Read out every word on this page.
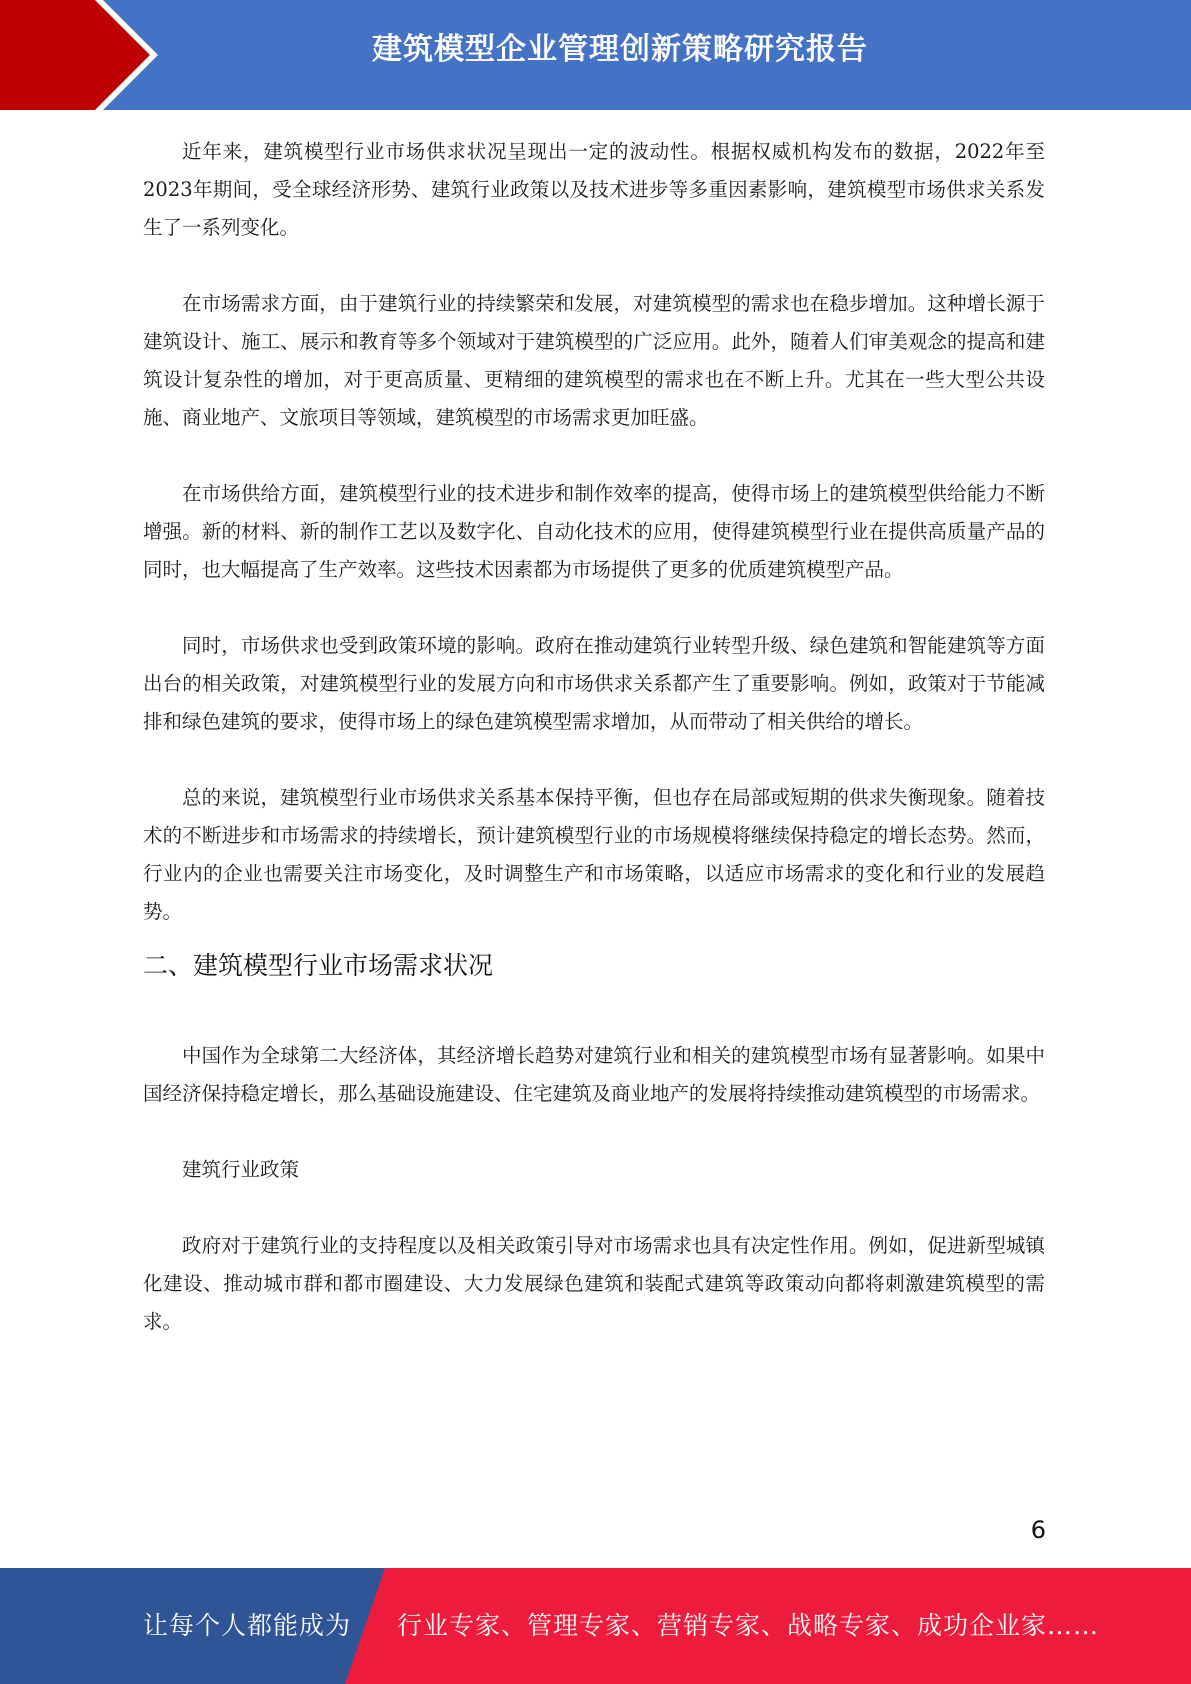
建筑模型企业管理创新策略研究报告

近年来，建筑模型行业市场供求状况呈现出一定的波动性。根据权威机构发布的数据，2022年至2023年期间，受全球经济形势、建筑行业政策以及技术进步等多重因素影响，建筑模型市场供求关系发生了一系列变化。

在市场需求方面，由于建筑行业的持续繁荣和发展，对建筑模型的需求也在稳步增加。这种增长源于建筑设计、施工、展示和教育等多个领域对于建筑模型的广泛应用。此外，随着人们审美观念的提高和建筑设计复杂性的增加，对于更高质量、更精细的建筑模型的需求也在不断上升。尤其在一些大型公共设施、商业地产、文旅项目等领域，建筑模型的市场需求更加旺盛。

在市场供给方面，建筑模型行业的技术进步和制作效率的提高，使得市场上的建筑模型供给能力不断增强。新的材料、新的制作工艺以及数字化、自动化技术的应用，使得建筑模型行业在提供高质量产品的同时，也大幅提高了生产效率。这些技术因素都为市场提供了更多的优质建筑模型产品。

同时，市场供求也受到政策环境的影响。政府在推动建筑行业转型升级、绿色建筑和智能建筑等方面出台的相关政策，对建筑模型行业的发展方向和市场供求关系都产生了重要影响。例如，政策对于节能减排和绿色建筑的要求，使得市场上的绿色建筑模型需求增加，从而带动了相关供给的增长。

总的来说，建筑模型行业市场供求关系基本保持平衡，但也存在局部或短期的供求失衡现象。随着技术的不断进步和市场需求的持续增长，预计建筑模型行业的市场规模将继续保持稳定的增长态势。然而，行业内的企业也需要关注市场变化，及时调整生产和市场策略，以适应市场需求的变化和行业的发展趋势。

二、建筑模型行业市场需求状况

中国作为全球第二大经济体，其经济增长趋势对建筑行业和相关的建筑模型市场有显著影响。如果中国经济保持稳定增长，那么基础设施建设、住宅建筑及商业地产的发展将持续推动建筑模型的市场需求。

建筑行业政策

政府对于建筑行业的支持程度以及相关政策引导对市场需求也具有决定性作用。例如，促进新型城镇化建设、推动城市群和都市圈建设、大力发展绿色建筑和装配式建筑等政策动向都将刺激建筑模型的需求。

6
让每个人都能成为 行业专家、管理专家、营销专家、战略专家、成功企业家……
